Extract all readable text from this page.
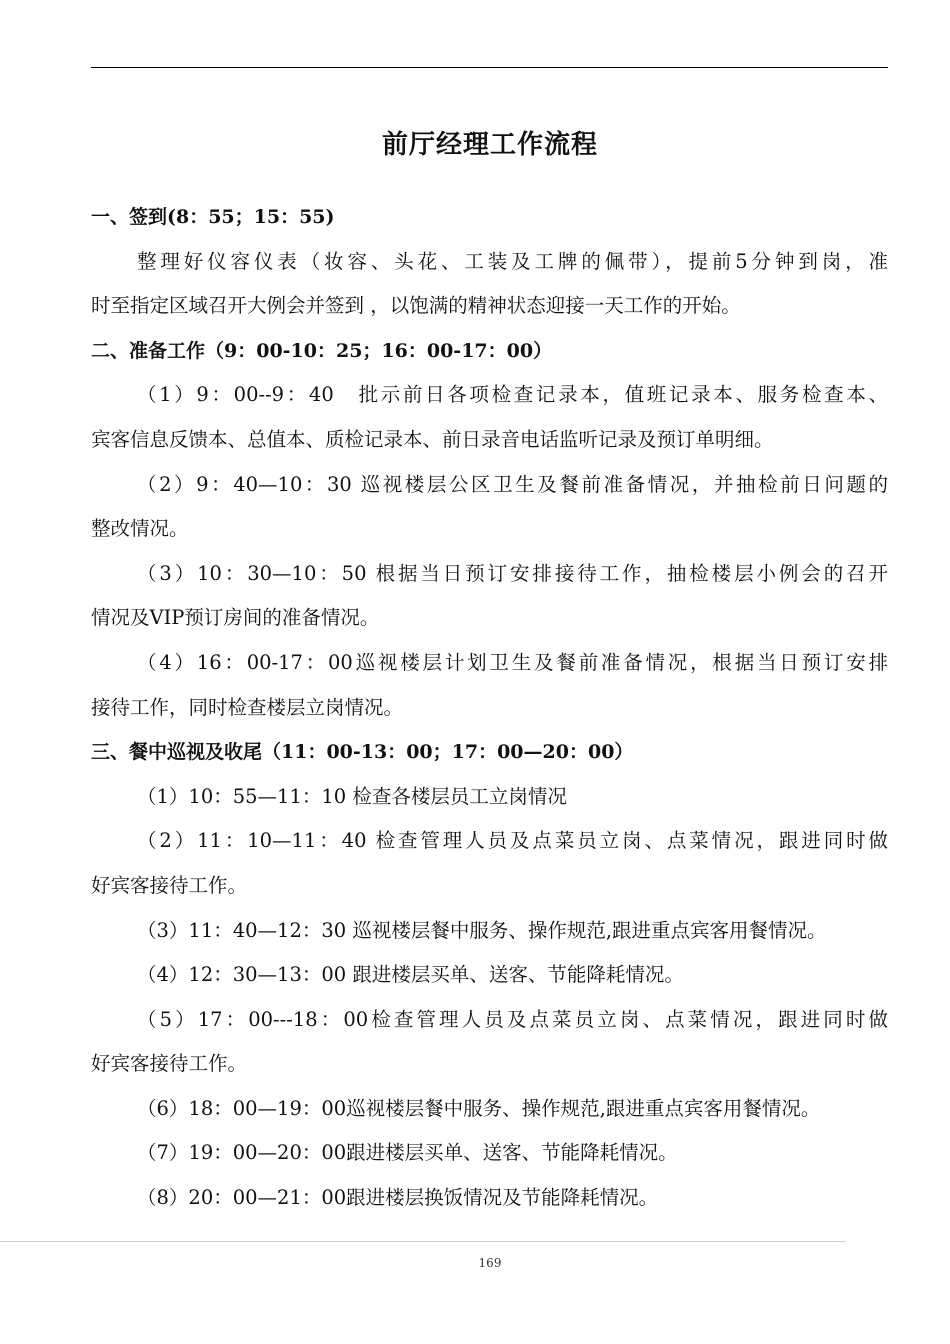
前厅经理工作流程
一、签到(8：55；15：55)
整理好仪容仪表（妆容、头花、工装及工牌的佩带），提前5分钟到岗，准
时至指定区域召开大例会并签到 ，以饱满的精神状态迎接一天工作的开始。
二、准备工作（9：00-10：25；16：00-17：00）
（1）9：00--9：40　批示前日各项检查记录本，值班记录本、服务检查本、
宾客信息反馈本、总值本、质检记录本、前日录音电话监听记录及预订单明细。
（2）9：40—10：30 巡视楼层公区卫生及餐前准备情况，并抽检前日问题的
整改情况。
（3）10：30—10：50 根据当日预订安排接待工作，抽检楼层小例会的召开
情况及VIP预订房间的准备情况。
（4）16：00-17：00巡视楼层计划卫生及餐前准备情况，根据当日预订安排
接待工作，同时检查楼层立岗情况。
三、餐中巡视及收尾（11：00-13：00；17：00—20：00）
（1）10：55—11：10 检查各楼层员工立岗情况
（2）11：10—11：40 检查管理人员及点菜员立岗、点菜情况，跟进同时做
好宾客接待工作。
（3）11：40—12：30 巡视楼层餐中服务、操作规范,跟进重点宾客用餐情况。
（4）12：30—13：00 跟进楼层买单、送客、节能降耗情况。
（5）17：00---18：00检查管理人员及点菜员立岗、点菜情况，跟进同时做
好宾客接待工作。
（6）18：00—19：00巡视楼层餐中服务、操作规范,跟进重点宾客用餐情况。
（7）19：00—20：00跟进楼层买单、送客、节能降耗情况。
（8）20：00—21：00跟进楼层换饭情况及节能降耗情况。
169
